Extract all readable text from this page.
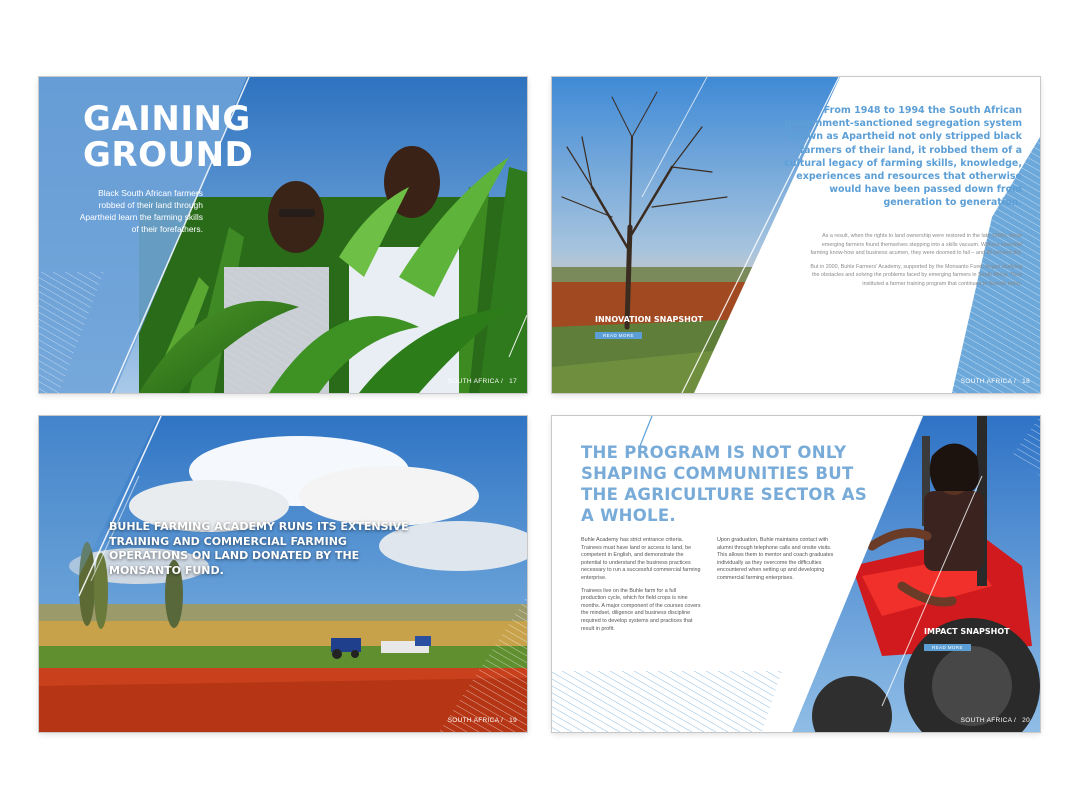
GAINING
GROUND
Black South African farmers robbed of their land through Apartheid learn the farming skills of their forefathers.
SOUTH AFRICA / 17
From 1948 to 1994 the South African government-sanctioned segregation system known as Apartheid not only stripped black farmers of their land, it robbed them of a cultural legacy of farming skills, knowledge, experiences and resources that otherwise would have been passed down from generation to generation.

As a result, when the rights to land ownership were restored in the late 1990s, black emerging farmers found themselves stepping into a skills vacuum. Without essential farming know-how and business acumen, they were doomed to fail – and 90 percent did.

But in 2000, Buhle Farmers' Academy, supported by the Monsanto Fund, began studying the obstacles and solving the problems faced by emerging farmers in South Africa. They instituted a farmer training program that continues to flourish today.

INNOVATION SNAPSHOT
READ MORE
SOUTH AFRICA / 18
BUHLE FARMING ACADEMY RUNS ITS EXTENSIVE TRAINING AND COMMERCIAL FARMING OPERATIONS ON LAND DONATED BY THE MONSANTO FUND.
SOUTH AFRICA / 19
THE PROGRAM IS NOT ONLY SHAPING COMMUNITIES BUT THE AGRICULTURE SECTOR AS A WHOLE.

Buhle Academy has strict entrance criteria. Trainees must have land or access to land, be competent in English, and demonstrate the potential to understand the business practices necessary to run a successful commercial farming enterprise.

Trainees live on the Buhle farm for a full production cycle, which for field crops is nine months. A major component of the courses covers the mindset, diligence and business discipline required to develop systems and practices that result in profit.

Upon graduation, Buhle maintains contact with alumni through telephone calls and onsite visits. This allows them to mentor and coach graduates individually as they overcome the difficulties encountered when setting up and developing commercial farming enterprises.

IMPACT SNAPSHOT
READ MORE
SOUTH AFRICA / 20
